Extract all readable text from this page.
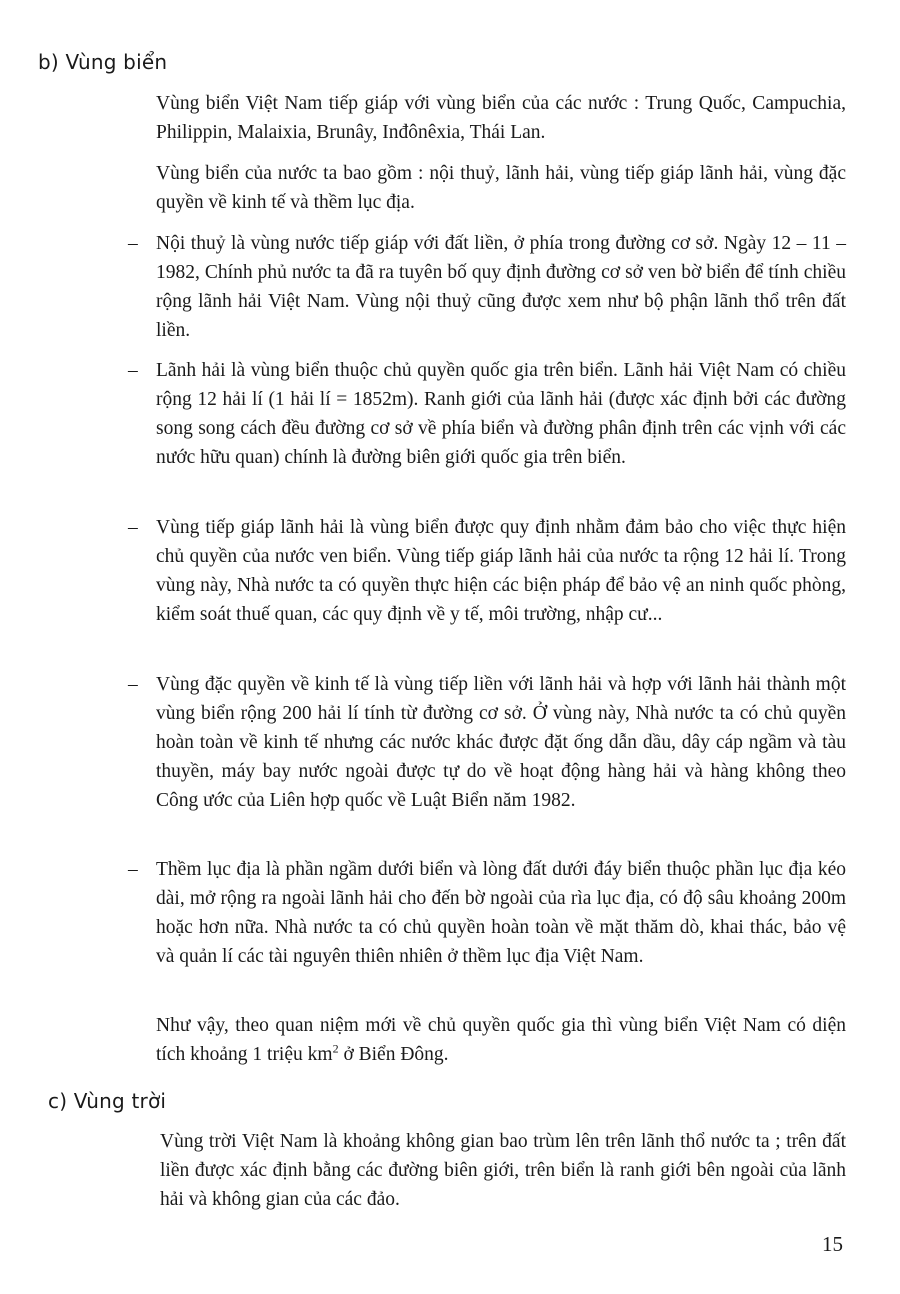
b) Vùng biển

Vùng biển Việt Nam tiếp giáp với vùng biển của các nước : Trung Quốc, Campuchia, Philippin, Malaixia, Brunây, Inđônêxia, Thái Lan.

Vùng biển của nước ta bao gồm : nội thuỷ, lãnh hải, vùng tiếp giáp lãnh hải, vùng đặc quyền về kinh tế và thềm lục địa.

– Nội thuỷ là vùng nước tiếp giáp với đất liền, ở phía trong đường cơ sở. Ngày 12 – 11 – 1982, Chính phủ nước ta đã ra tuyên bố quy định đường cơ sở ven bờ biển để tính chiều rộng lãnh hải Việt Nam. Vùng nội thuỷ cũng được xem như bộ phận lãnh thổ trên đất liền.

– Lãnh hải là vùng biển thuộc chủ quyền quốc gia trên biển. Lãnh hải Việt Nam có chiều rộng 12 hải lí (1 hải lí = 1852m). Ranh giới của lãnh hải (được xác định bởi các đường song song cách đều đường cơ sở về phía biển và đường phân định trên các vịnh với các nước hữu quan) chính là đường biên giới quốc gia trên biển.

– Vùng tiếp giáp lãnh hải là vùng biển được quy định nhằm đảm bảo cho việc thực hiện chủ quyền của nước ven biển. Vùng tiếp giáp lãnh hải của nước ta rộng 12 hải lí. Trong vùng này, Nhà nước ta có quyền thực hiện các biện pháp để bảo vệ an ninh quốc phòng, kiểm soát thuế quan, các quy định về y tế, môi trường, nhập cư...

– Vùng đặc quyền về kinh tế là vùng tiếp liền với lãnh hải và hợp với lãnh hải thành một vùng biển rộng 200 hải lí tính từ đường cơ sở. Ở vùng này, Nhà nước ta có chủ quyền hoàn toàn về kinh tế nhưng các nước khác được đặt ống dẫn dầu, dây cáp ngầm và tàu thuyền, máy bay nước ngoài được tự do về hoạt động hàng hải và hàng không theo Công ước của Liên hợp quốc về Luật Biển năm 1982.

– Thềm lục địa là phần ngầm dưới biển và lòng đất dưới đáy biển thuộc phần lục địa kéo dài, mở rộng ra ngoài lãnh hải cho đến bờ ngoài của rìa lục địa, có độ sâu khoảng 200m hoặc hơn nữa. Nhà nước ta có chủ quyền hoàn toàn về mặt thăm dò, khai thác, bảo vệ và quản lí các tài nguyên thiên nhiên ở thềm lục địa Việt Nam.

Như vậy, theo quan niệm mới về chủ quyền quốc gia thì vùng biển Việt Nam có diện tích khoảng 1 triệu $km^2$ ở Biển Đông.

c) Vùng trời

Vùng trời Việt Nam là khoảng không gian bao trùm lên trên lãnh thổ nước ta ; trên đất liền được xác định bằng các đường biên giới, trên biển là ranh giới bên ngoài của lãnh hải và không gian của các đảo.

15
